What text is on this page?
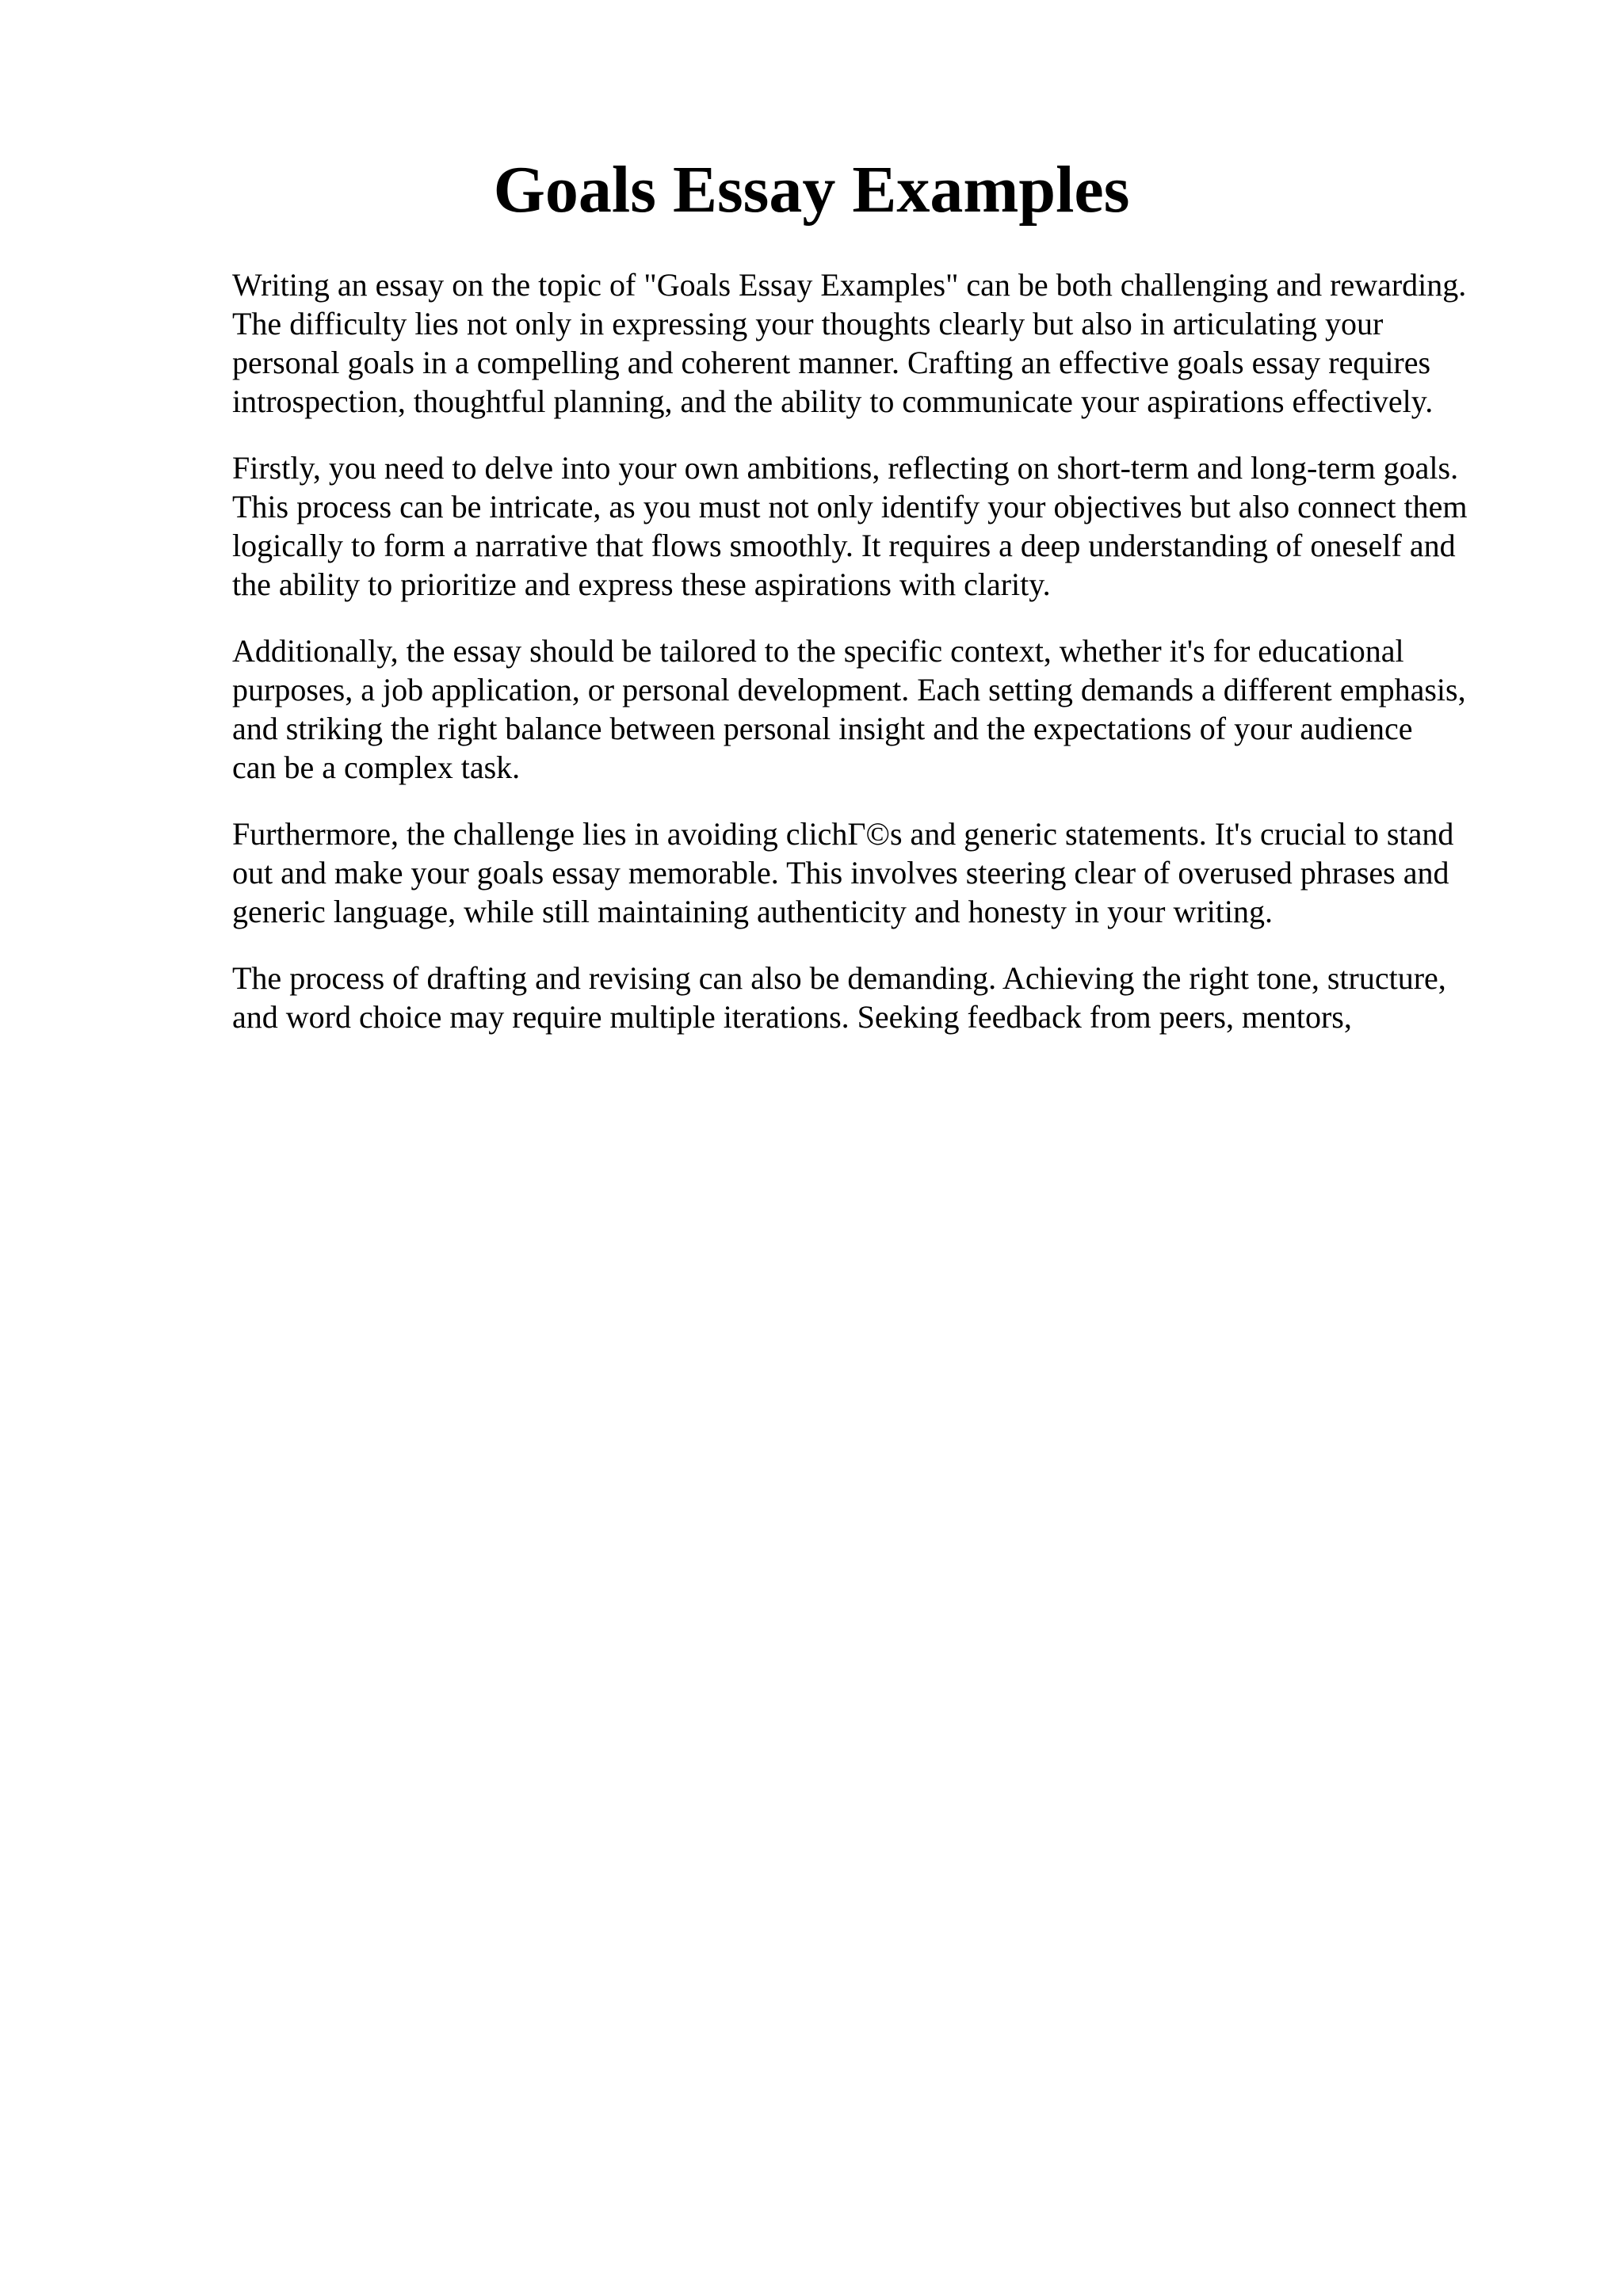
Goals Essay Examples

Writing an essay on the topic of "Goals Essay Examples" can be both challenging and rewarding.
The difficulty lies not only in expressing your thoughts clearly but also in articulating your
personal goals in a compelling and coherent manner. Crafting an effective goals essay requires
introspection, thoughtful planning, and the ability to communicate your aspirations effectively.

Firstly, you need to delve into your own ambitions, reflecting on short-term and long-term goals.
This process can be intricate, as you must not only identify your objectives but also connect them
logically to form a narrative that flows smoothly. It requires a deep understanding of oneself and
the ability to prioritize and express these aspirations with clarity.

Additionally, the essay should be tailored to the specific context, whether it's for educational
purposes, a job application, or personal development. Each setting demands a different emphasis,
and striking the right balance between personal insight and the expectations of your audience
can be a complex task.

Furthermore, the challenge lies in avoiding clichГ©s and generic statements. It's crucial to stand
out and make your goals essay memorable. This involves steering clear of overused phrases and
generic language, while still maintaining authenticity and honesty in your writing.

The process of drafting and revising can also be demanding. Achieving the right tone, structure,
and word choice may require multiple iterations. Seeking feedback from peers, mentors,
